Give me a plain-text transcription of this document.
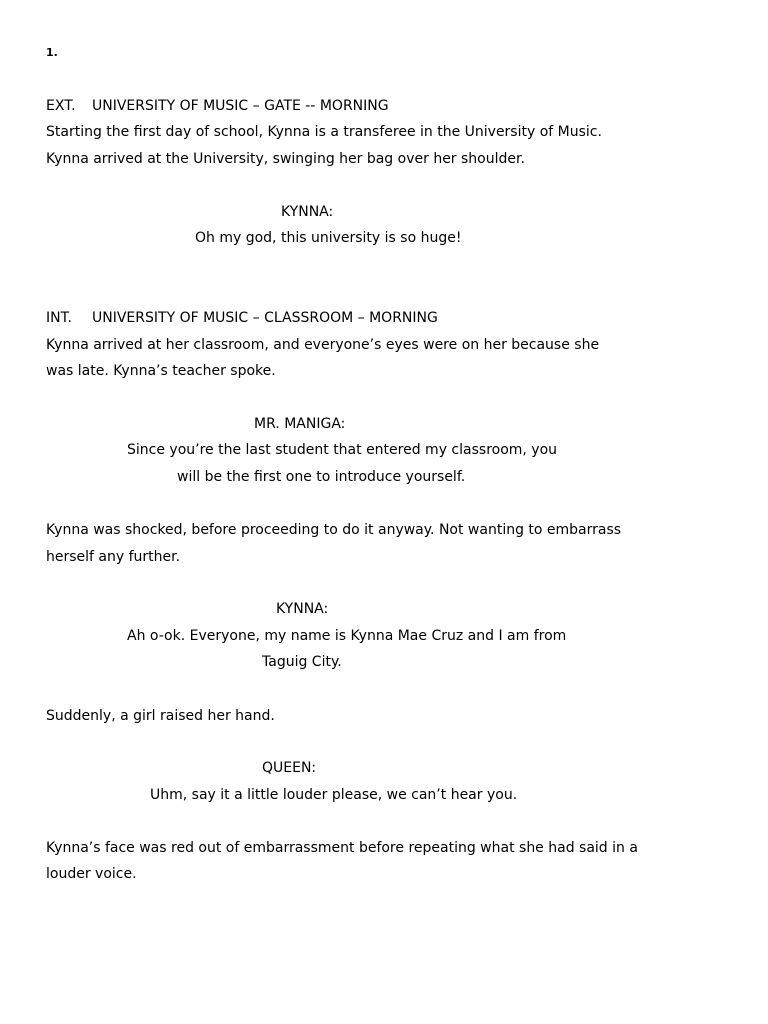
1.

EXT. UNIVERSITY OF MUSIC – GATE -- MORNING

Starting the first day of school, Kynna is a transferee in the University of Music.

Kynna arrived at the University, swinging her bag over her shoulder.

KYNNA:

Oh my god, this university is so huge!

INT. UNIVERSITY OF MUSIC – CLASSROOM – MORNING

Kynna arrived at her classroom, and everyone’s eyes were on her because she

was late. Kynna’s teacher spoke.

MR. MANIGA:

Since you’re the last student that entered my classroom, you

will be the first one to introduce yourself.

Kynna was shocked, before proceeding to do it anyway. Not wanting to embarrass

herself any further.

KYNNA:

Ah o-ok. Everyone, my name is Kynna Mae Cruz and I am from

Taguig City.

Suddenly, a girl raised her hand.

QUEEN:

Uhm, say it a little louder please, we can’t hear you.

Kynna’s face was red out of embarrassment before repeating what she had said in a

louder voice.
